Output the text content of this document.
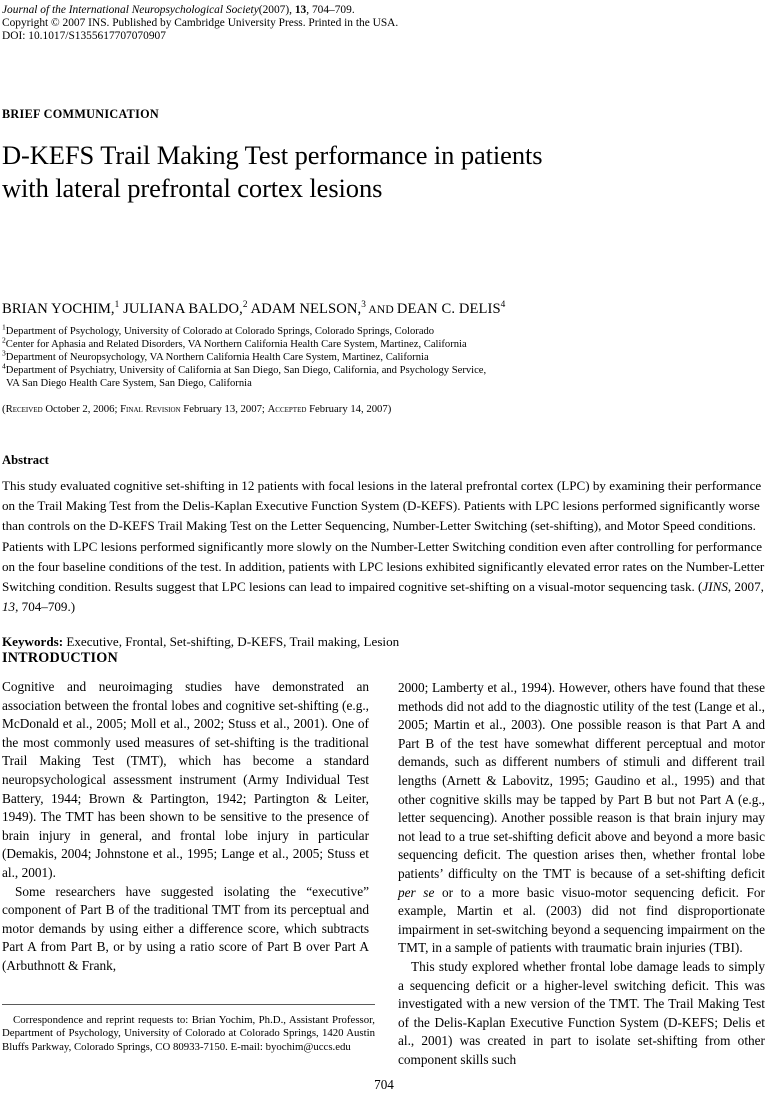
Journal of the International Neuropsychological Society(2007), 13, 704–709.
Copyright © 2007 INS. Published by Cambridge University Press. Printed in the USA.
DOI: 10.1017/S1355617707070907
BRIEF COMMUNICATION
D-KEFS Trail Making Test performance in patients
with lateral prefrontal cortex lesions
BRIAN YOCHIM,$^1$ JULIANA BALDO,$^2$ ADAM NELSON,$^3$ AND DEAN C. DELIS$^4$
$^1$Department of Psychology, University of Colorado at Colorado Springs, Colorado Springs, Colorado
$^2$Center for Aphasia and Related Disorders, VA Northern California Health Care System, Martinez, California
$^3$Department of Neuropsychology, VA Northern California Health Care System, Martinez, California
$^4$Department of Psychiatry, University of California at San Diego, San Diego, California, and Psychology Service,
VA San Diego Health Care System, San Diego, California
(Received October 2, 2006; Final Revision February 13, 2007; Accepted February 14, 2007)
Abstract
This study evaluated cognitive set-shifting in 12 patients with focal lesions in the lateral prefrontal cortex (LPC) by examining their performance on the Trail Making Test from the Delis-Kaplan Executive Function System (D-KEFS). Patients with LPC lesions performed significantly worse than controls on the D-KEFS Trail Making Test on the Letter Sequencing, Number-Letter Switching (set-shifting), and Motor Speed conditions. Patients with LPC lesions performed significantly more slowly on the Number-Letter Switching condition even after controlling for performance on the four baseline conditions of the test. In addition, patients with LPC lesions exhibited significantly elevated error rates on the Number-Letter Switching condition. Results suggest that LPC lesions can lead to impaired cognitive set-shifting on a visual-motor sequencing task. (JINS, 2007, 13, 704–709.)
Keywords: Executive, Frontal, Set-shifting, D-KEFS, Trail making, Lesion
INTRODUCTION

Cognitive and neuroimaging studies have demonstrated an association between the frontal lobes and cognitive set-shifting (e.g., McDonald et al., 2005; Moll et al., 2002; Stuss et al., 2001). One of the most commonly used measures of set-shifting is the traditional Trail Making Test (TMT), which has become a standard neuropsychological assessment instrument (Army Individual Test Battery, 1944; Brown & Partington, 1942; Partington & Leiter, 1949). The TMT has been shown to be sensitive to the presence of brain injury in general, and frontal lobe injury in particular (Demakis, 2004; Johnstone et al., 1995; Lange et al., 2005; Stuss et al., 2001).

Some researchers have suggested isolating the “executive” component of Part B of the traditional TMT from its perceptual and motor demands by using either a difference score, which subtracts Part A from Part B, or by using a ratio score of Part B over Part A (Arbuthnott & Frank,

2000; Lamberty et al., 1994). However, others have found that these methods did not add to the diagnostic utility of the test (Lange et al., 2005; Martin et al., 2003). One possible reason is that Part A and Part B of the test have somewhat different perceptual and motor demands, such as different numbers of stimuli and different trail lengths (Arnett & Labovitz, 1995; Gaudino et al., 1995) and that other cognitive skills may be tapped by Part B but not Part A (e.g., letter sequencing). Another possible reason is that brain injury may not lead to a true set-shifting deficit above and beyond a more basic sequencing deficit. The question arises then, whether frontal lobe patients’ difficulty on the TMT is because of a set-shifting deficit per se or to a more basic visuo-motor sequencing deficit. For example, Martin et al. (2003) did not find disproportionate impairment in set-switching beyond a sequencing impairment on the TMT, in a sample of patients with traumatic brain injuries (TBI).

This study explored whether frontal lobe damage leads to simply a sequencing deficit or a higher-level switching deficit. This was investigated with a new version of the TMT. The Trail Making Test of the Delis-Kaplan Executive Function System (D-KEFS; Delis et al., 2001) was created in part to isolate set-shifting from other component skills such

Correspondence and reprint requests to: Brian Yochim, Ph.D., Assistant Professor, Department of Psychology, University of Colorado at Colorado Springs, 1420 Austin Bluffs Parkway, Colorado Springs, CO 80933-7150. E-mail: byochim@uccs.edu
704
